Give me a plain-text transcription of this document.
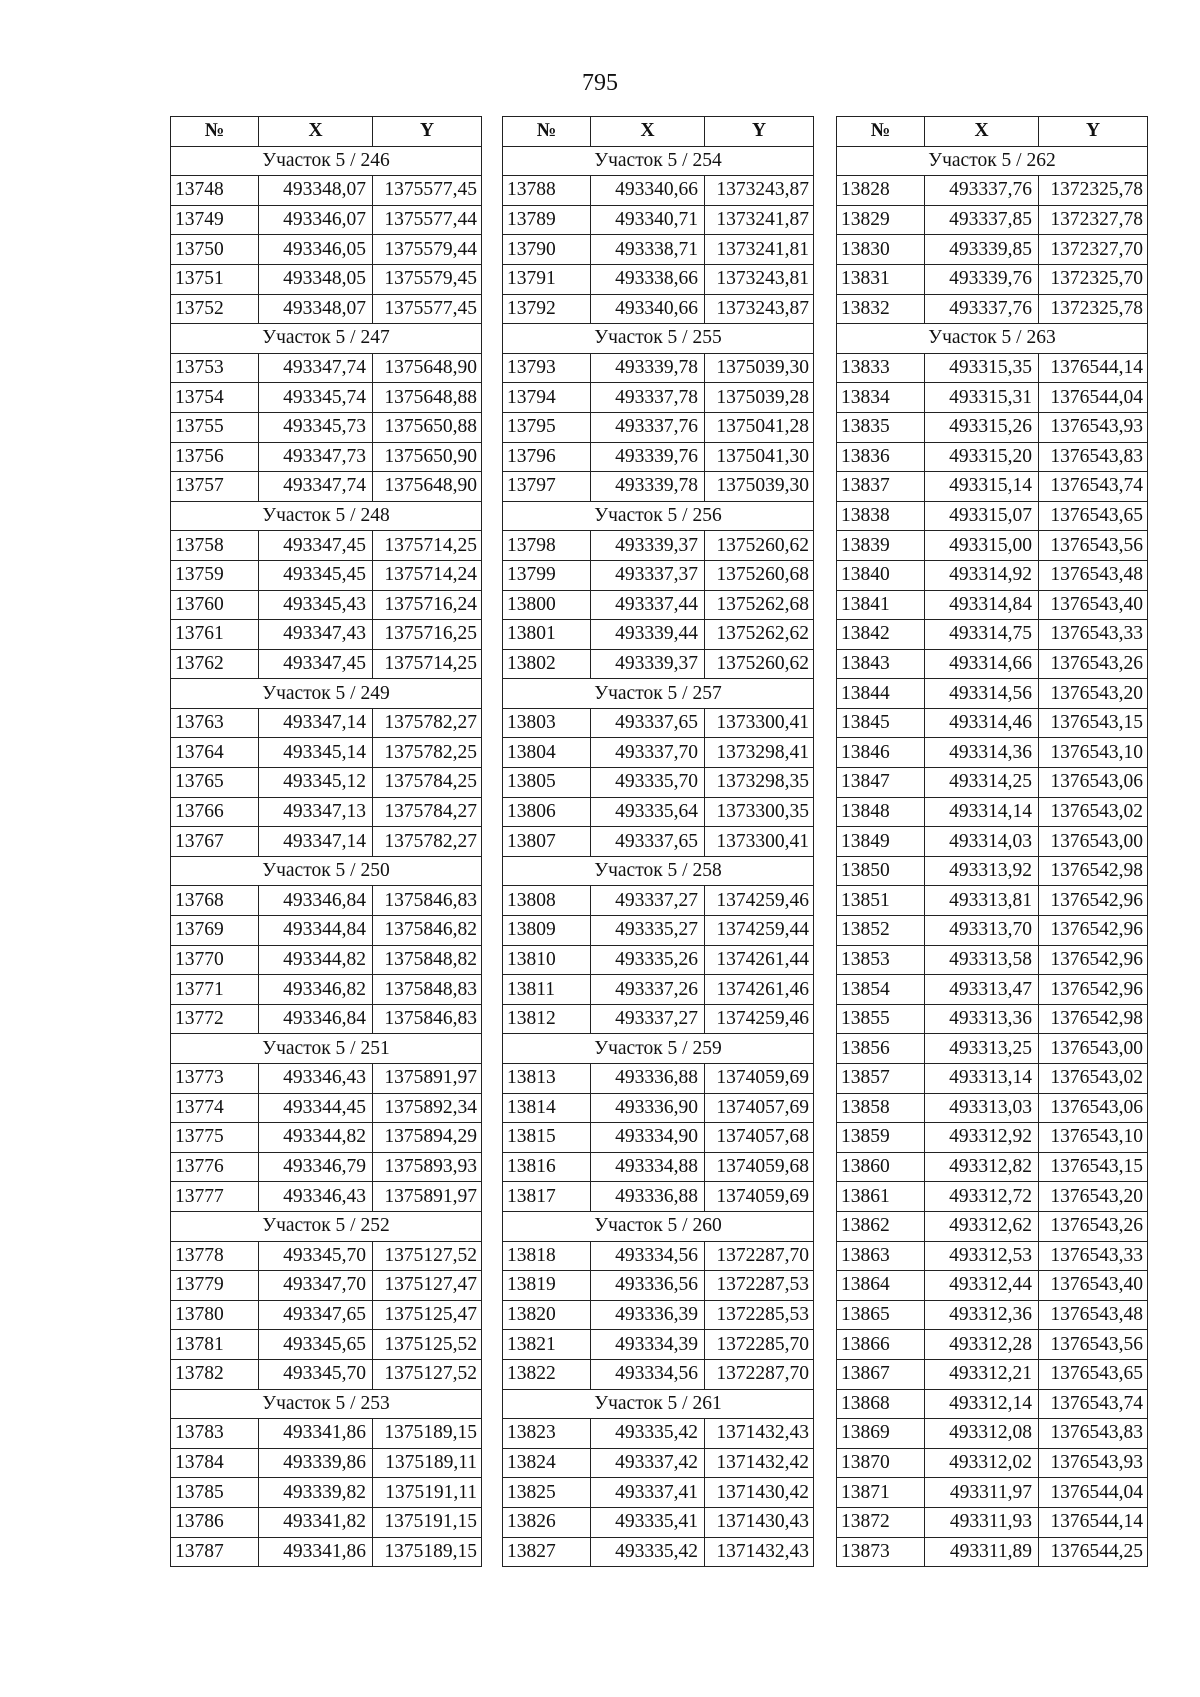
795
№	X	Y
Участок 5 / 246		
13748	493348,07	1375577,45
13749	493346,07	1375577,44
13750	493346,05	1375579,44
13751	493348,05	1375579,45
13752	493348,07	1375577,45
Участок 5 / 247		
13753	493347,74	1375648,90
13754	493345,74	1375648,88
13755	493345,73	1375650,88
13756	493347,73	1375650,90
13757	493347,74	1375648,90
Участок 5 / 248		
13758	493347,45	1375714,25
13759	493345,45	1375714,24
13760	493345,43	1375716,24
13761	493347,43	1375716,25
13762	493347,45	1375714,25
Участок 5 / 249		
13763	493347,14	1375782,27
13764	493345,14	1375782,25
13765	493345,12	1375784,25
13766	493347,13	1375784,27
13767	493347,14	1375782,27
Участок 5 / 250		
13768	493346,84	1375846,83
13769	493344,84	1375846,82
13770	493344,82	1375848,82
13771	493346,82	1375848,83
13772	493346,84	1375846,83
Участок 5 / 251		
13773	493346,43	1375891,97
13774	493344,45	1375892,34
13775	493344,82	1375894,29
13776	493346,79	1375893,93
13777	493346,43	1375891,97
Участок 5 / 252		
13778	493345,70	1375127,52
13779	493347,70	1375127,47
13780	493347,65	1375125,47
13781	493345,65	1375125,52
13782	493345,70	1375127,52
Участок 5 / 253		
13783	493341,86	1375189,15
13784	493339,86	1375189,11
13785	493339,82	1375191,11
13786	493341,82	1375191,15
13787	493341,86	1375189,15
№	X	Y
Участок 5 / 254		
13788	493340,66	1373243,87
13789	493340,71	1373241,87
13790	493338,71	1373241,81
13791	493338,66	1373243,81
13792	493340,66	1373243,87
Участок 5 / 255		
13793	493339,78	1375039,30
13794	493337,78	1375039,28
13795	493337,76	1375041,28
13796	493339,76	1375041,30
13797	493339,78	1375039,30
Участок 5 / 256		
13798	493339,37	1375260,62
13799	493337,37	1375260,68
13800	493337,44	1375262,68
13801	493339,44	1375262,62
13802	493339,37	1375260,62
Участок 5 / 257		
13803	493337,65	1373300,41
13804	493337,70	1373298,41
13805	493335,70	1373298,35
13806	493335,64	1373300,35
13807	493337,65	1373300,41
Участок 5 / 258		
13808	493337,27	1374259,46
13809	493335,27	1374259,44
13810	493335,26	1374261,44
13811	493337,26	1374261,46
13812	493337,27	1374259,46
Участок 5 / 259		
13813	493336,88	1374059,69
13814	493336,90	1374057,69
13815	493334,90	1374057,68
13816	493334,88	1374059,68
13817	493336,88	1374059,69
Участок 5 / 260		
13818	493334,56	1372287,70
13819	493336,56	1372287,53
13820	493336,39	1372285,53
13821	493334,39	1372285,70
13822	493334,56	1372287,70
Участок 5 / 261		
13823	493335,42	1371432,43
13824	493337,42	1371432,42
13825	493337,41	1371430,42
13826	493335,41	1371430,43
13827	493335,42	1371432,43
№	X	Y
Участок 5 / 262		
13828	493337,76	1372325,78
13829	493337,85	1372327,78
13830	493339,85	1372327,70
13831	493339,76	1372325,70
13832	493337,76	1372325,78
Участок 5 / 263		
13833	493315,35	1376544,14
13834	493315,31	1376544,04
13835	493315,26	1376543,93
13836	493315,20	1376543,83
13837	493315,14	1376543,74
13838	493315,07	1376543,65
13839	493315,00	1376543,56
13840	493314,92	1376543,48
13841	493314,84	1376543,40
13842	493314,75	1376543,33
13843	493314,66	1376543,26
13844	493314,56	1376543,20
13845	493314,46	1376543,15
13846	493314,36	1376543,10
13847	493314,25	1376543,06
13848	493314,14	1376543,02
13849	493314,03	1376543,00
13850	493313,92	1376542,98
13851	493313,81	1376542,96
13852	493313,70	1376542,96
13853	493313,58	1376542,96
13854	493313,47	1376542,96
13855	493313,36	1376542,98
13856	493313,25	1376543,00
13857	493313,14	1376543,02
13858	493313,03	1376543,06
13859	493312,92	1376543,10
13860	493312,82	1376543,15
13861	493312,72	1376543,20
13862	493312,62	1376543,26
13863	493312,53	1376543,33
13864	493312,44	1376543,40
13865	493312,36	1376543,48
13866	493312,28	1376543,56
13867	493312,21	1376543,65
13868	493312,14	1376543,74
13869	493312,08	1376543,83
13870	493312,02	1376543,93
13871	493311,97	1376544,04
13872	493311,93	1376544,14
13873	493311,89	1376544,25
